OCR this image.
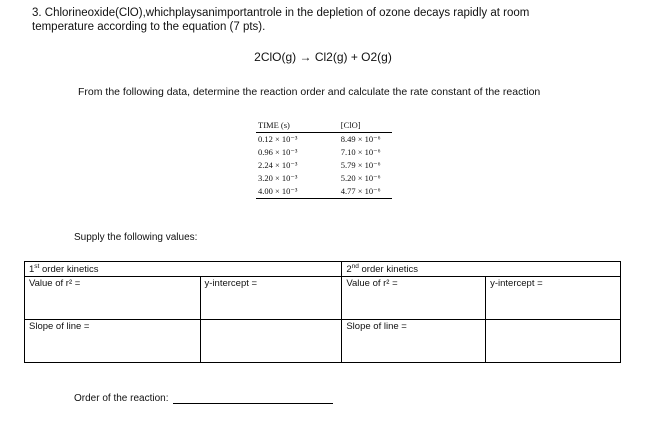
3. Chlorineoxide(ClO),whichplaysanimportantrole in the depletion of ozone decays rapidly at room
temperature according to the equation (7 pts).
2ClO(g) → Cl2(g) + O2(g)
From the following data, determine the reaction order and calculate the rate constant of the reaction
TIME (s)	[ClO]
0.12 × 10⁻³	8.49 × 10⁻⁶
0.96 × 10⁻³	7.10 × 10⁻⁶
2.24 × 10⁻³	5.79 × 10⁻⁶
3.20 × 10⁻³	5.20 × 10⁻⁶
4.00 × 10⁻³	4.77 × 10⁻⁶
Supply the following values:
1st order kinetics		2nd order kinetics	
Value of r² =	y-intercept =	Value of r² =	y-intercept =
Slope of line =		Slope of line =	
Order of the reaction:
